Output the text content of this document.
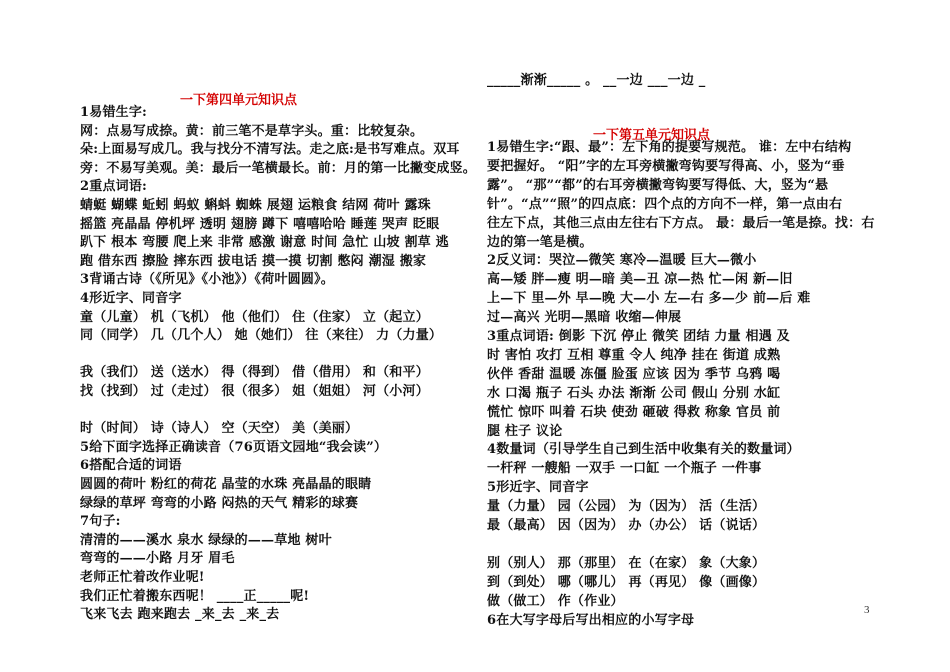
一下第四单元知识点
1易错生字:
网：点易写成捺。黄：前三笔不是草字头。重：比较复杂。
朵:上面易写成几。我与找分不清写法。走之底:是书写难点。双耳
旁：不易写美观。美：最后一笔横最长。前：月的第一比撇变成竖。
2重点词语:
蜻蜓 蝴蝶 蚯蚓 蚂蚁 蝌蚪 蜘蛛 展翅 运粮食 结网 荷叶 露珠
摇篮 亮晶晶 停机坪 透明 翅膀 蹲下 嘻嘻哈哈 睡莲 哭声 眨眼
趴下 根本 弯腰 爬上来 非常 感激 谢意 时间 急忙 山坡 割草 逃
跑 借东西 擦脸 摔东西 拔电话 摸一摸 切割 憋闷 潮湿 搬家
3背诵古诗（《所见》《小池》）《荷叶圆圆》。
4形近字、同音字
童（儿童） 机（飞机） 他（他们） 住（住家） 立（起立）
同（同学） 几（几个人） 她（她们） 往（来往） 力（力量）
我（我们） 送（送水） 得（得到） 借（借用） 和（和平）
找（找到） 过（走过） 很（很多） 姐（姐姐） 河（小河）
时（时间） 诗（诗人） 空（天空） 美（美丽）
5给下面字选择正确读音（76页语文园地“我会读”）
6搭配合适的词语
圆圆的荷叶 粉红的荷花 晶莹的水珠 亮晶晶的眼睛
绿绿的草坪 弯弯的小路 闷热的天气 精彩的球赛
7句子:
清清的——溪水 泉水 绿绿的——草地 树叶
弯弯的——小路 月牙 眉毛
老师正忙着改作业呢!
我们正忙着搬东西呢！ ____正_____呢!
飞来飞去 跑来跑去 _来_去 _来_去
_____渐渐_____ 。 __一边 ___一边 _
一下第五单元知识点
1易错生字:“跟、最”：左下角的提要写规范。 谁：左中右结构
要把握好。 “阳”字的左耳旁横撇弯钩要写得高、小，竖为“垂
露”。 “那”“都”的右耳旁横撇弯钩要写得低、大，竖为“悬
针”。“点”“照”的四点底：四个点的方向不一样，第一点由右
往左下点，其他三点由左往右下方点。 最：最后一笔是捺。找：右
边的第一笔是横。
2反义词：哭泣—微笑 寒冷—温暖 巨大—微小
高—矮 胖—瘦 明—暗 美—丑 凉—热 忙—闲 新—旧
上—下 里—外 早—晚 大—小 左—右 多—少 前—后 难
过—高兴 光明—黑暗 收缩—伸展
3重点词语: 倒影 下沉 停止 微笑 团结 力量 相遇 及
时 害怕 攻打 互相 尊重 令人 纯净 挂在 街道 成熟
伙伴 香甜 温暖 冻僵 脸蛋 应该 因为 季节 乌鸦 喝
水 口渴 瓶子 石头 办法 渐渐 公司 假山 分别 水缸
慌忙 惊吓 叫着 石块 使劲 砸破 得救 称象 官员 前
腿 柱子 议论
4数量词（引导学生自己到生活中收集有关的数量词）
一杆秤 一艘船 一双手 一口缸 一个瓶子 一件事
5形近字、同音字
量（力量） 园（公园） 为（因为） 活（生活）
最（最高） 因（因为） 办（办公） 话（说话）
别（别人） 那（那里） 在（在家） 象（大象）
到（到处） 哪（哪儿） 再（再见） 像（画像）
做（做工） 作（作业）
6在大写字母后写出相应的小写字母
3
